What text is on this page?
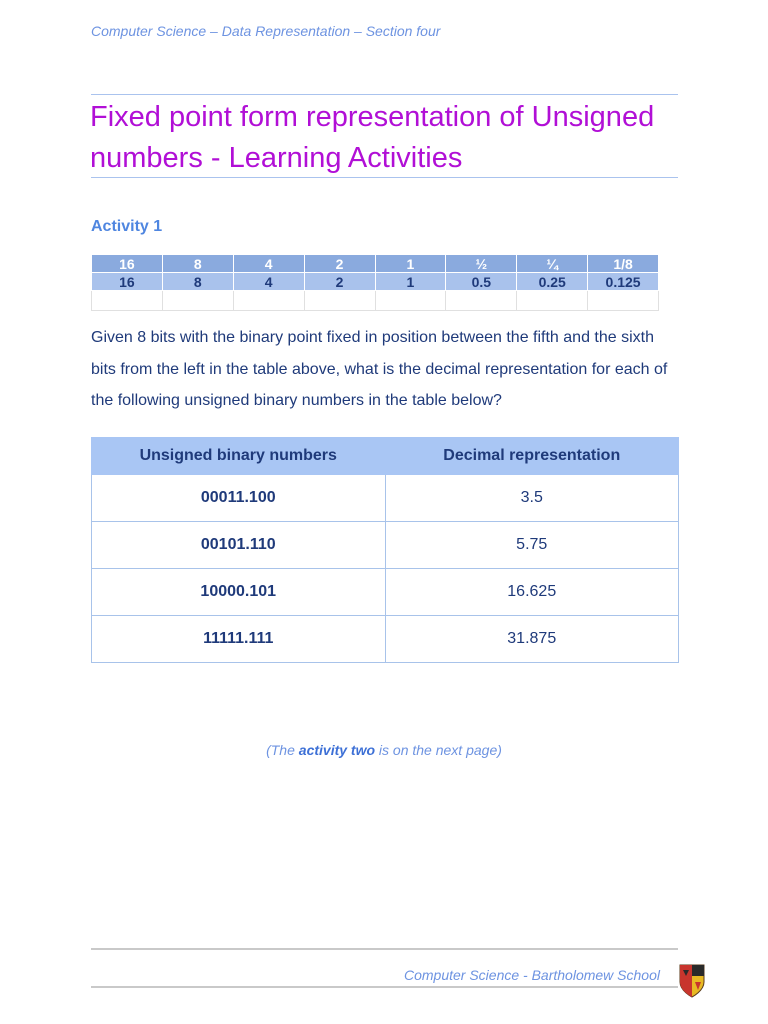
Computer Science – Data Representation – Section four
Fixed point form representation of Unsigned
numbers - Learning Activities
Activity 1
16	8	4	2	1	½	¼	1/8
16	8	4	2	1	0.5	0.25	0.125

Given 8 bits with the binary point fixed in position between the fifth and the sixth bits from the left in the table above, what is the decimal representation for each of the following unsigned binary numbers in the table below?
Unsigned binary numbers	Decimal representation
00011.100	3.5
00101.110	5.75
10000.101	16.625
11111.111	31.875
(The activity two is on the next page)
Computer Science - Bartholomew School
